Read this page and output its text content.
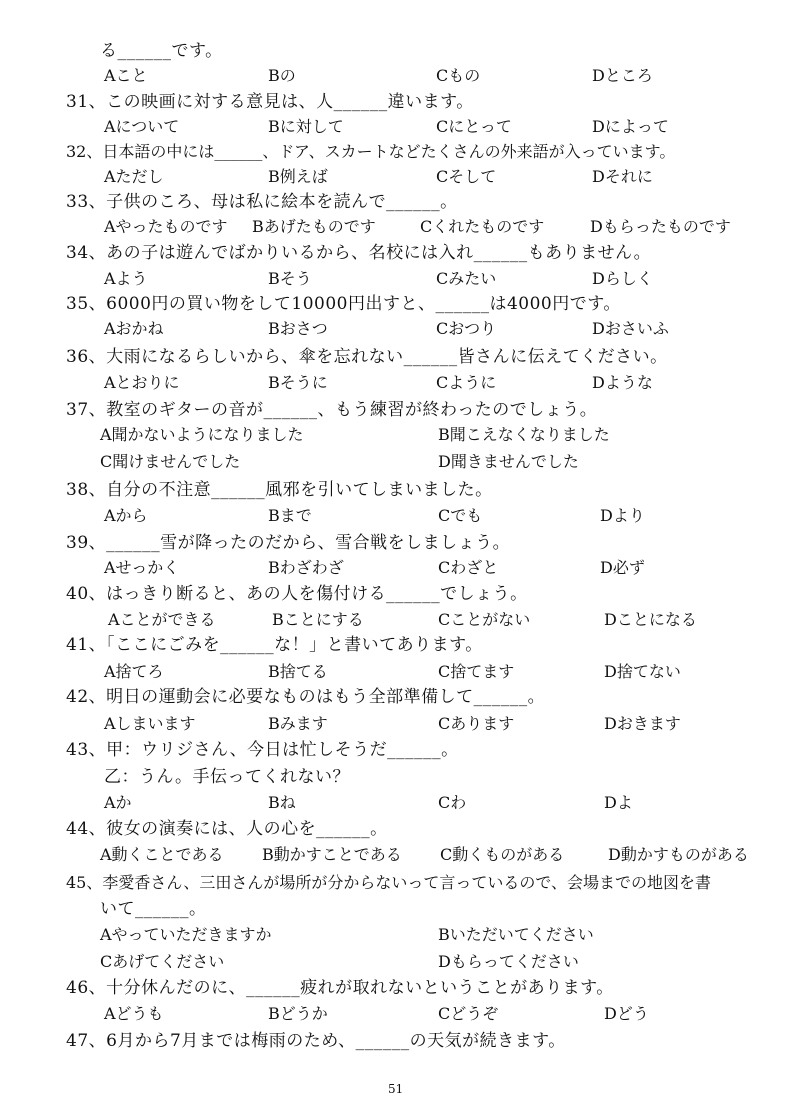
る______です。
Aこと	Bの	Cもの	Dところ
31、この映画に対する意見は、人______違います。
Aについて	Bに対して	Cにとって	Dによって
32、日本語の中には______、ドア、スカートなどたくさんの外来語が入っています。
Aただし	B例えば	Cそして	Dそれに
33、子供のころ、母は私に絵本を読んで______。
Aやったものです Bあげたものです	Cくれたものです	Dもらったものです
34、あの子は遊んでばかりいるから、名校には入れ______もありません。
Aよう	Bそう	Cみたい	Dらしく
35、6000円の買い物をして10000円出すと、______は4000円です。
Aおかね	Bおさつ	Cおつり	Dおさいふ
36、大雨になるらしいから、傘を忘れない______皆さんに伝えてください。
Aとおりに	Bそうに	Cように	Dような
37、教室のギターの音が______、もう練習が終わったのでしょう。
A聞かないようになりました	B聞こえなくなりました
C聞けませんでした	D聞きませんでした
38、自分の不注意______風邪を引いてしまいました。
Aから	Bまで	Cでも	Dより
39、______雪が降ったのだから、雪合戦をしましょう。
Aせっかく	Bわざわざ	Cわざと	D必ず
40、はっきり断ると、あの人を傷付ける______でしょう。
Aことができる	Bことにする	Cことがない	Dことになる
41、「ここにごみを______な！」と書いてあります。
A捨てろ	B捨てる	C捨てます	D捨てない
42、明日の運動会に必要なものはもう全部準備して______。
Aしまいます	Bみます	Cあります	Dおきます
43、甲：ウリジさん、今日は忙しそうだ______。
乙：うん。手伝ってくれない？
Aか	Bね	Cわ	Dよ
44、彼女の演奏には、人の心を______。
A動くことである B動かすことである C動くものがある	D動かすものがある
45、李愛香さん、三田さんが場所が分からないって言っているので、会場までの地図を書
いて______。
Aやっていただきますか	Bいただいてください
Cあげてください	Dもらってください
46、十分休んだのに、______疲れが取れないということがあります。
Aどうも	Bどうか	Cどうぞ	Dどう
47、6月から7月までは梅雨のため、______の天気が続きます。
51
